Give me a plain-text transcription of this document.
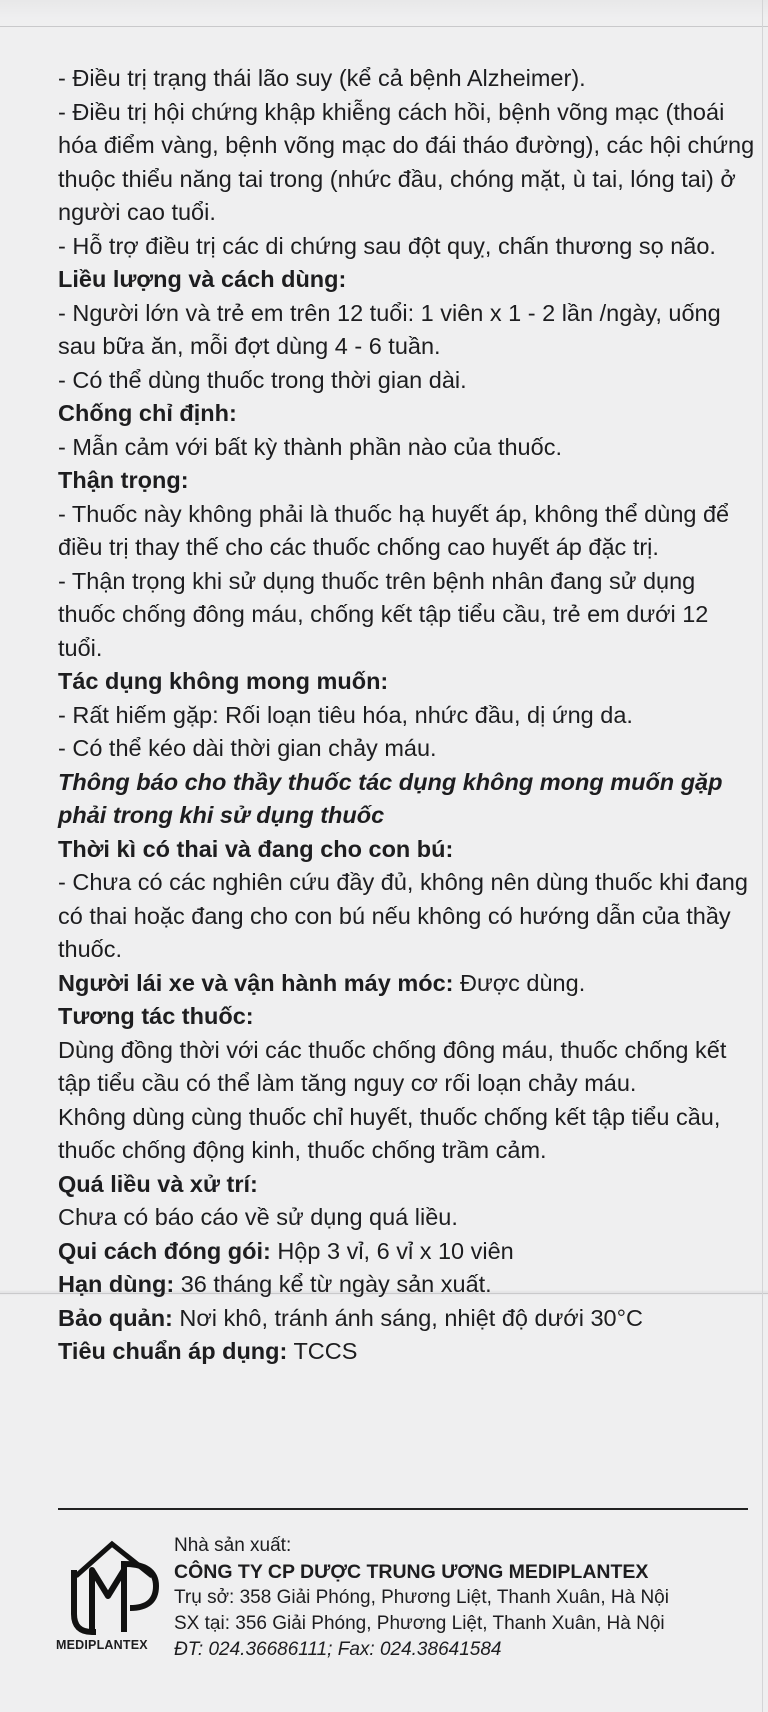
- Điều trị trạng thái lão suy (kể cả bệnh Alzheimer).

- Điều trị hội chứng khập khiễng cách hồi, bệnh võng mạc (thoái hóa điểm vàng, bệnh võng mạc do đái tháo đường), các hội chứng thuộc thiểu năng tai trong (nhức đầu, chóng mặt, ù tai, lóng tai) ở người cao tuổi.

- Hỗ trợ điều trị các di chứng sau đột quỵ, chấn thương sọ não.

Liều lượng và cách dùng:

- Người lớn và trẻ em trên 12 tuổi: 1 viên x 1 - 2 lần /ngày, uống sau bữa ăn, mỗi đợt dùng 4 - 6 tuần.

- Có thể dùng thuốc trong thời gian dài.

Chống chỉ định:

- Mẫn cảm với bất kỳ thành phần nào của thuốc.

Thận trọng:

- Thuốc này không phải là thuốc hạ huyết áp, không thể dùng để điều trị thay thế cho các thuốc chống cao huyết áp đặc trị.

- Thận trọng khi sử dụng thuốc trên bệnh nhân đang sử dụng thuốc chống đông máu, chống kết tập tiểu cầu, trẻ em dưới 12 tuổi.

Tác dụng không mong muốn:

- Rất hiếm gặp: Rối loạn tiêu hóa, nhức đầu, dị ứng da.

- Có thể kéo dài thời gian chảy máu.

Thông báo cho thầy thuốc tác dụng không mong muốn gặp phải trong khi sử dụng thuốc

Thời kì có thai và đang cho con bú:

- Chưa có các nghiên cứu đầy đủ, không nên dùng thuốc khi đang có thai hoặc đang cho con bú nếu không có hướng dẫn của thầy thuốc.

Người lái xe và vận hành máy móc: Được dùng.

Tương tác thuốc:

Dùng đồng thời với các thuốc chống đông máu, thuốc chống kết tập tiểu cầu có thể làm tăng nguy cơ rối loạn chảy máu.

Không dùng cùng thuốc chỉ huyết, thuốc chống kết tập tiểu cầu, thuốc chống động kinh, thuốc chống trầm cảm.

Quá liều và xử trí:

Chưa có báo cáo về sử dụng quá liều.

Qui cách đóng gói: Hộp 3 vỉ, 6 vỉ x 10 viên

Hạn dùng: 36 tháng kể từ ngày sản xuất.

Bảo quản: Nơi khô, tránh ánh sáng, nhiệt độ dưới 30°C

Tiêu chuẩn áp dụng: TCCS

MEDIPLANTEX
Nhà sản xuất:
CÔNG TY CP DƯỢC TRUNG ƯƠNG MEDIPLANTEX
Trụ sở: 358 Giải Phóng, Phương Liệt, Thanh Xuân, Hà Nội
SX tại: 356 Giải Phóng, Phương Liệt, Thanh Xuân, Hà Nội
ĐT: 024.36686111; Fax: 024.38641584
